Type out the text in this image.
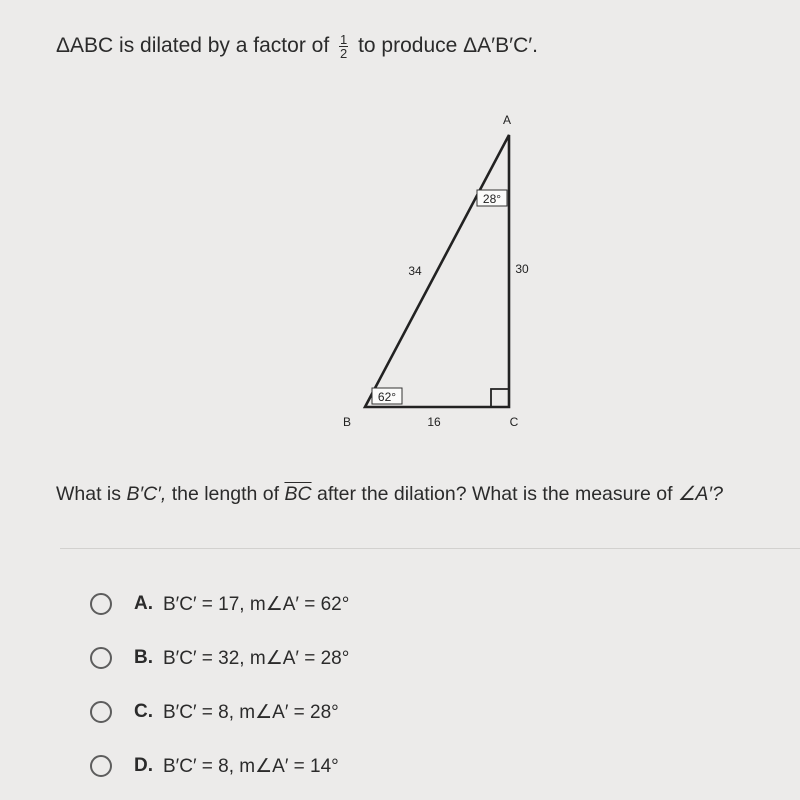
ΔABC is dilated by a factor of $\frac{1}{2}$ to produce ΔA′B′C′.
A
B	C
28°
62°
34	30
16
What is B′C′, the length of $\overline{BC}$ after the dilation? What is the measure of ∠A′?
A. B′C′ = 17, m∠A′ = 62°
B. B′C′ = 32, m∠A′ = 28°
C. B′C′ = 8, m∠A′ = 28°
D. B′C′ = 8, m∠A′ = 14°
